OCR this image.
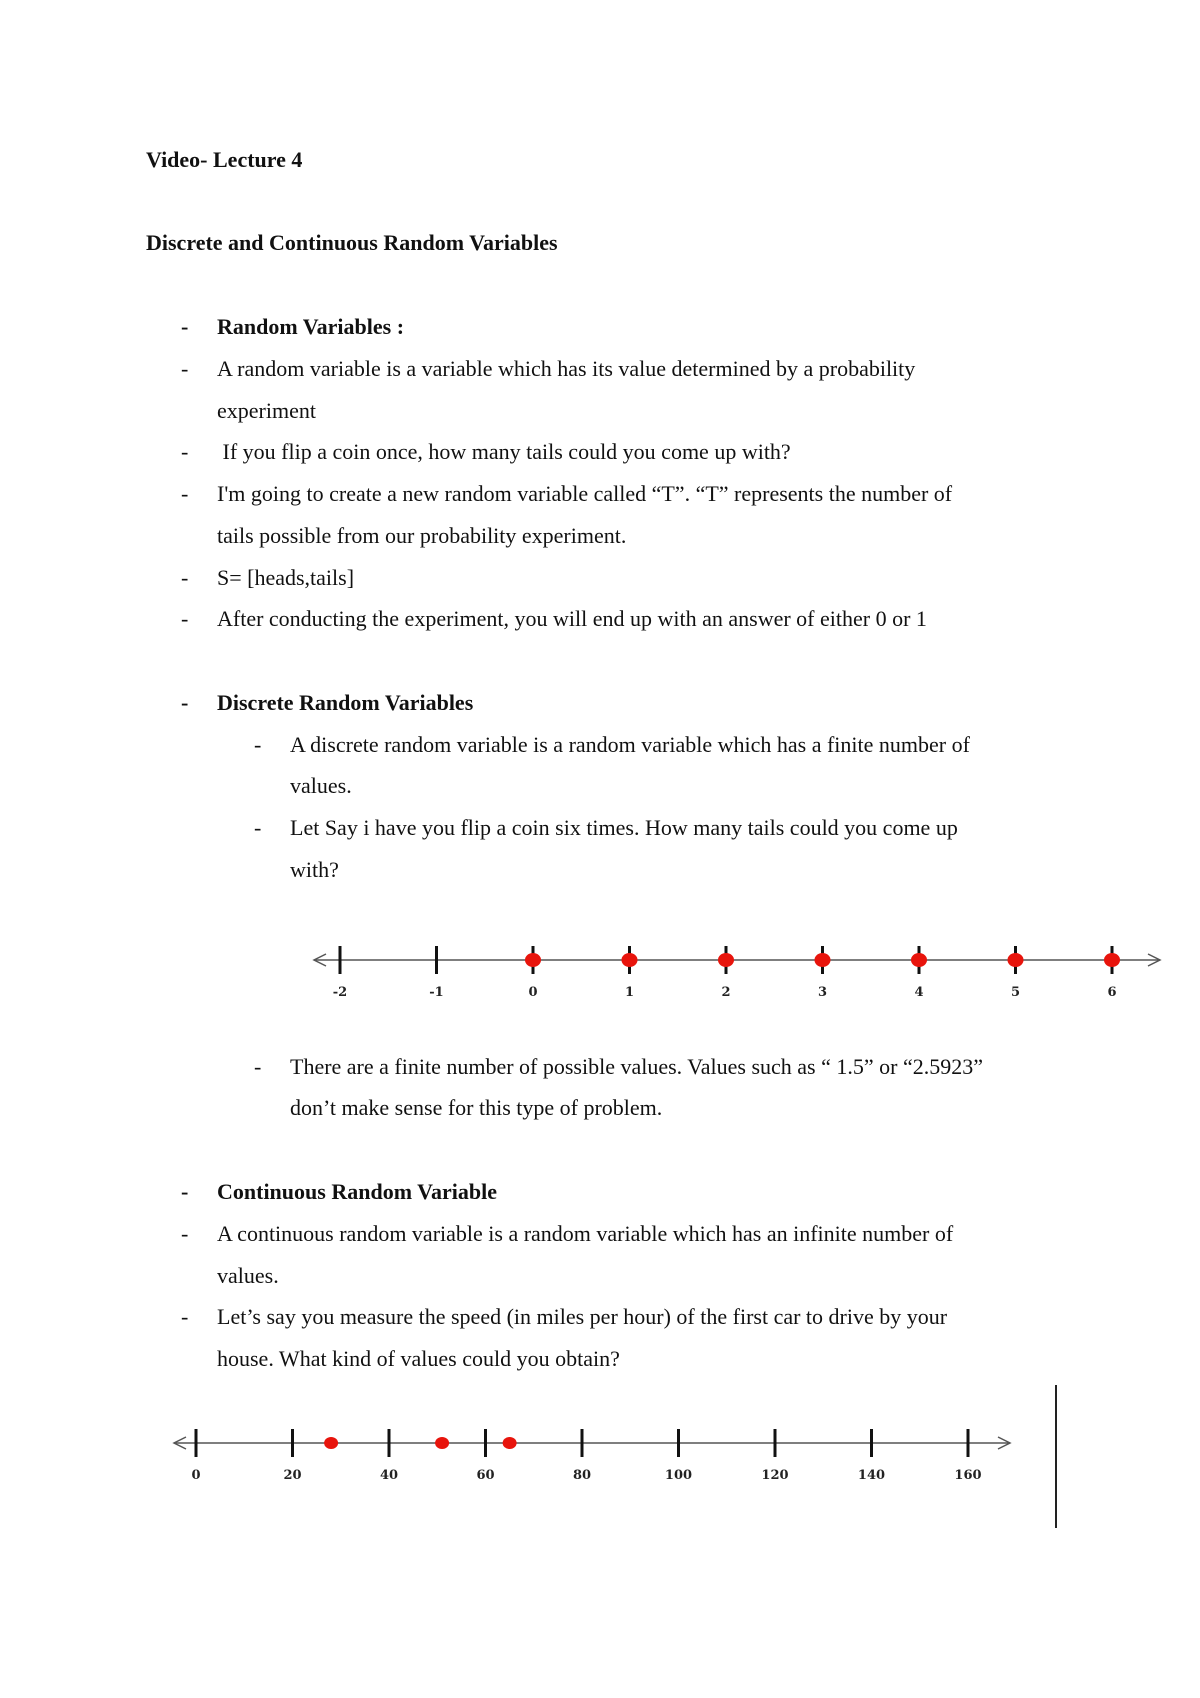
Video- Lecture 4
Discrete and Continuous Random Variables
- Random Variables :
- A random variable is a variable which has its value determined by a probability
experiment
- If you flip a coin once, how many tails could you come up with?
- I'm going to create a new random variable called “T”. “T” represents the number of
tails possible from our probability experiment.
- S= [heads,tails]
- After conducting the experiment, you will end up with an answer of either 0 or 1
- Discrete Random Variables
- A discrete random variable is a random variable which has a finite number of
values.
- Let Say i have you flip a coin six times. How many tails could you come up
with?
-2	-1	0	1	2	3	4	5	6
- There are a finite number of possible values. Values such as “ 1.5” or “2.5923”
don’t make sense for this type of problem.
- Continuous Random Variable
- A continuous random variable is a random variable which has an infinite number of
values.
- Let’s say you measure the speed (in miles per hour) of the first car to drive by your
house. What kind of values could you obtain?
0	20	40	60	80	100	120	140	160
